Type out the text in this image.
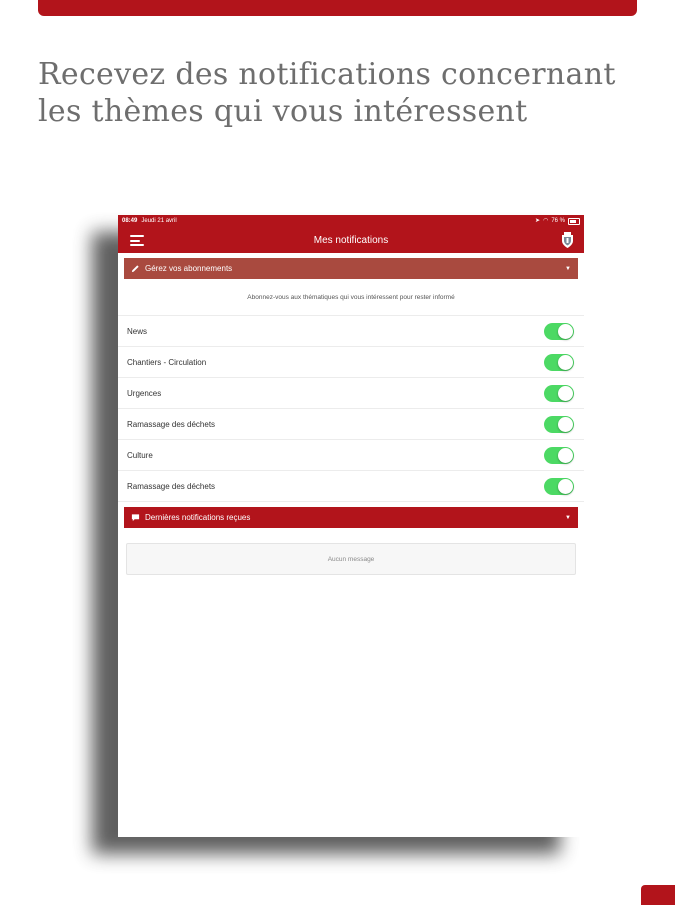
Recevez des notifications concernant
les thèmes qui vous intéressent
08:49 Jeudi 21 avril	➤ ◠ 76 %
Mes notifications
Gérez vos abonnements	▼
Abonnez-vous aux thématiques qui vous intéressent pour rester informé
News
Chantiers - Circulation
Urgences
Ramassage des déchets
Culture
Ramassage des déchets
Dernières notifications reçues	▼
Aucun message
